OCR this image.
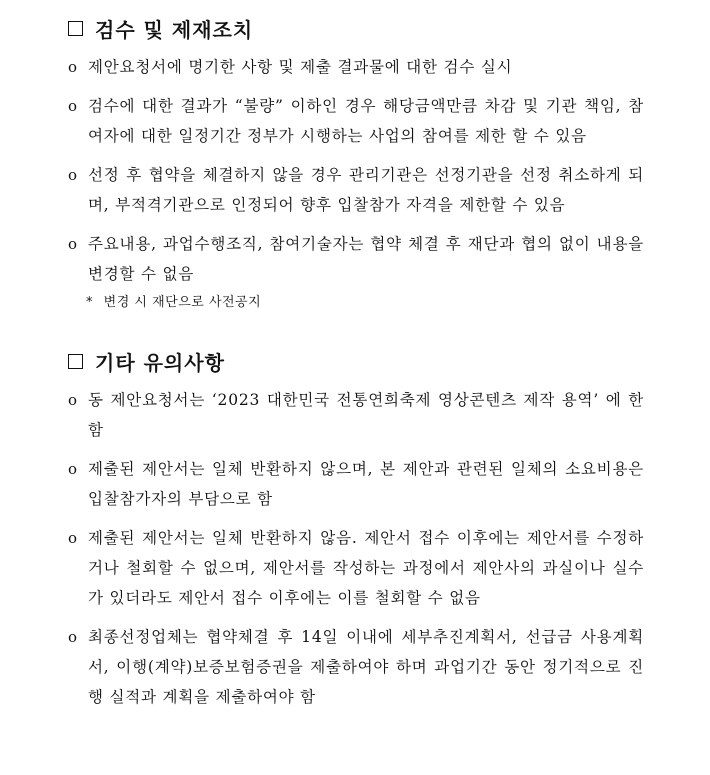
검수 및 제재조치
o 제안요청서에 명기한 사항 및 제출 결과물에 대한 검수 실시
o 검수에 대한 결과가 “불량” 이하인 경우 해당금액만큼 차감 및 기관 책임, 참여자에 대한 일정기간 정부가 시행하는 사업의 참여를 제한 할 수 있음
o 선정 후 협약을 체결하지 않을 경우 관리기관은 선정기관을 선정 취소하게 되며, 부적격기관으로 인정되어 향후 입찰참가 자격을 제한할 수 있음
o 주요내용, 과업수행조직, 참여기술자는 협약 체결 후 재단과 협의 없이 내용을 변경할 수 없음
* 변경 시 재단으로 사전공지
기타 유의사항
o 동 제안요청서는 ‘2023 대한민국 전통연희축제 영상콘텐츠 제작 용역’ 에 한함
o 제출된 제안서는 일체 반환하지 않으며, 본 제안과 관련된 일체의 소요비용은 입찰참가자의 부담으로 함
o 제출된 제안서는 일체 반환하지 않음. 제안서 접수 이후에는 제안서를 수정하거나 철회할 수 없으며, 제안서를 작성하는 과정에서 제안사의 과실이나 실수가 있더라도 제안서 접수 이후에는 이를 철회할 수 없음
o 최종선정업체는 협약체결 후 14일 이내에 세부추진계획서, 선급금 사용계획서, 이행(계약)보증보험증권을 제출하여야 하며 과업기간 동안 정기적으로 진행 실적과 계획을 제출하여야 함
